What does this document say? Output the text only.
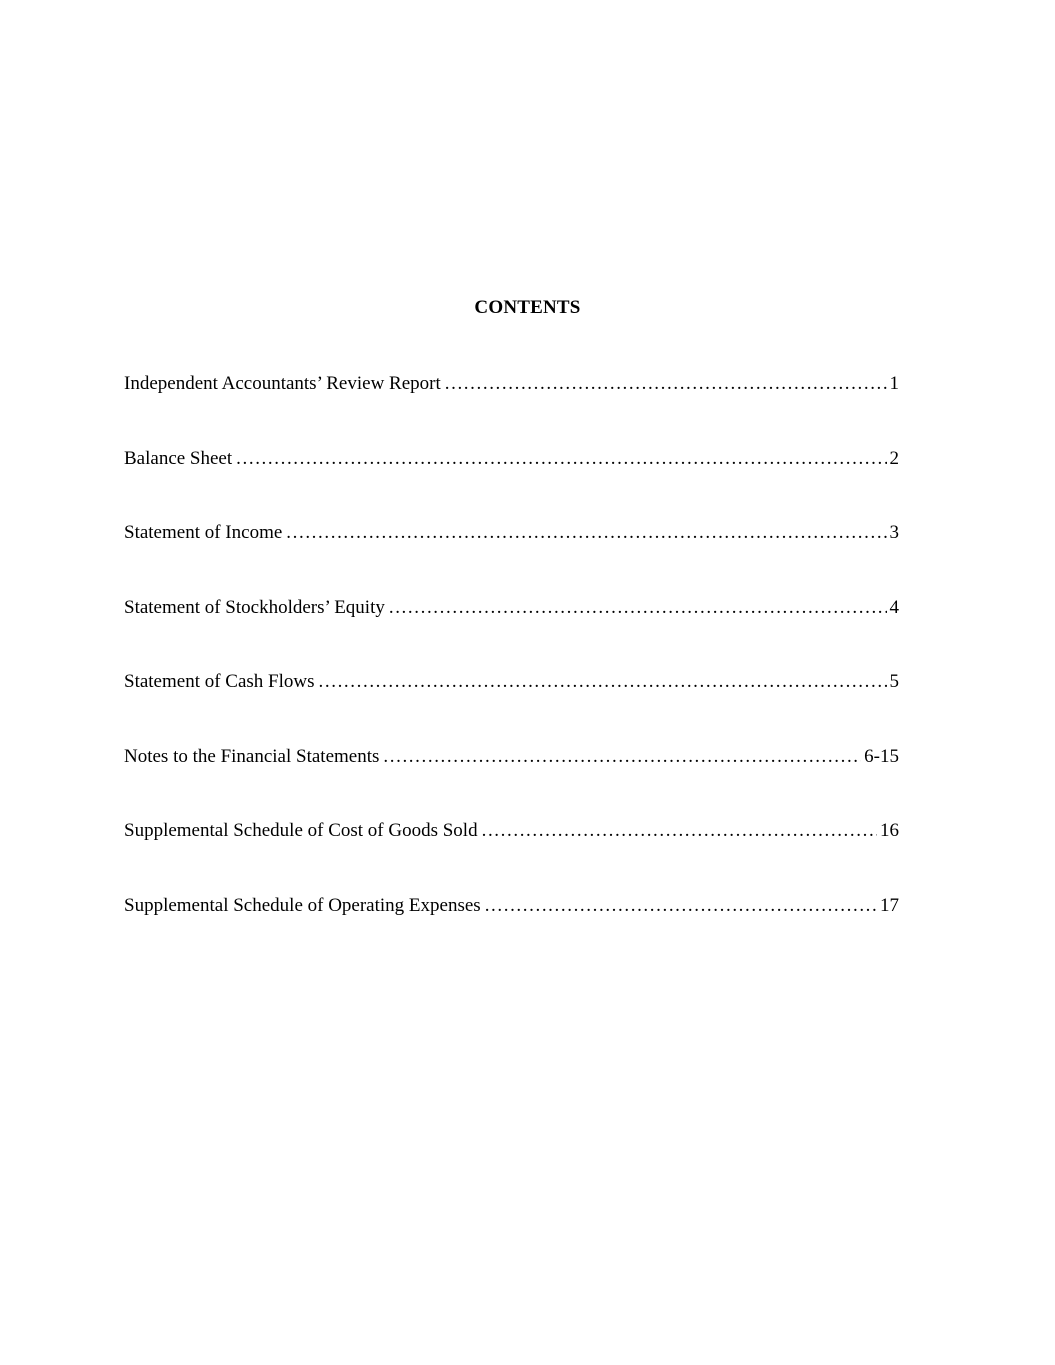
CONTENTS
Independent Accountants’ Review Report .....	1
Balance Sheet .....	2
Statement of Income .....	3
Statement of Stockholders’ Equity .....	4
Statement of Cash Flows .....	5
Notes to the Financial Statements .....	6-15
Supplemental Schedule of Cost of Goods Sold .....	16
Supplemental Schedule of Operating Expenses .....	17
